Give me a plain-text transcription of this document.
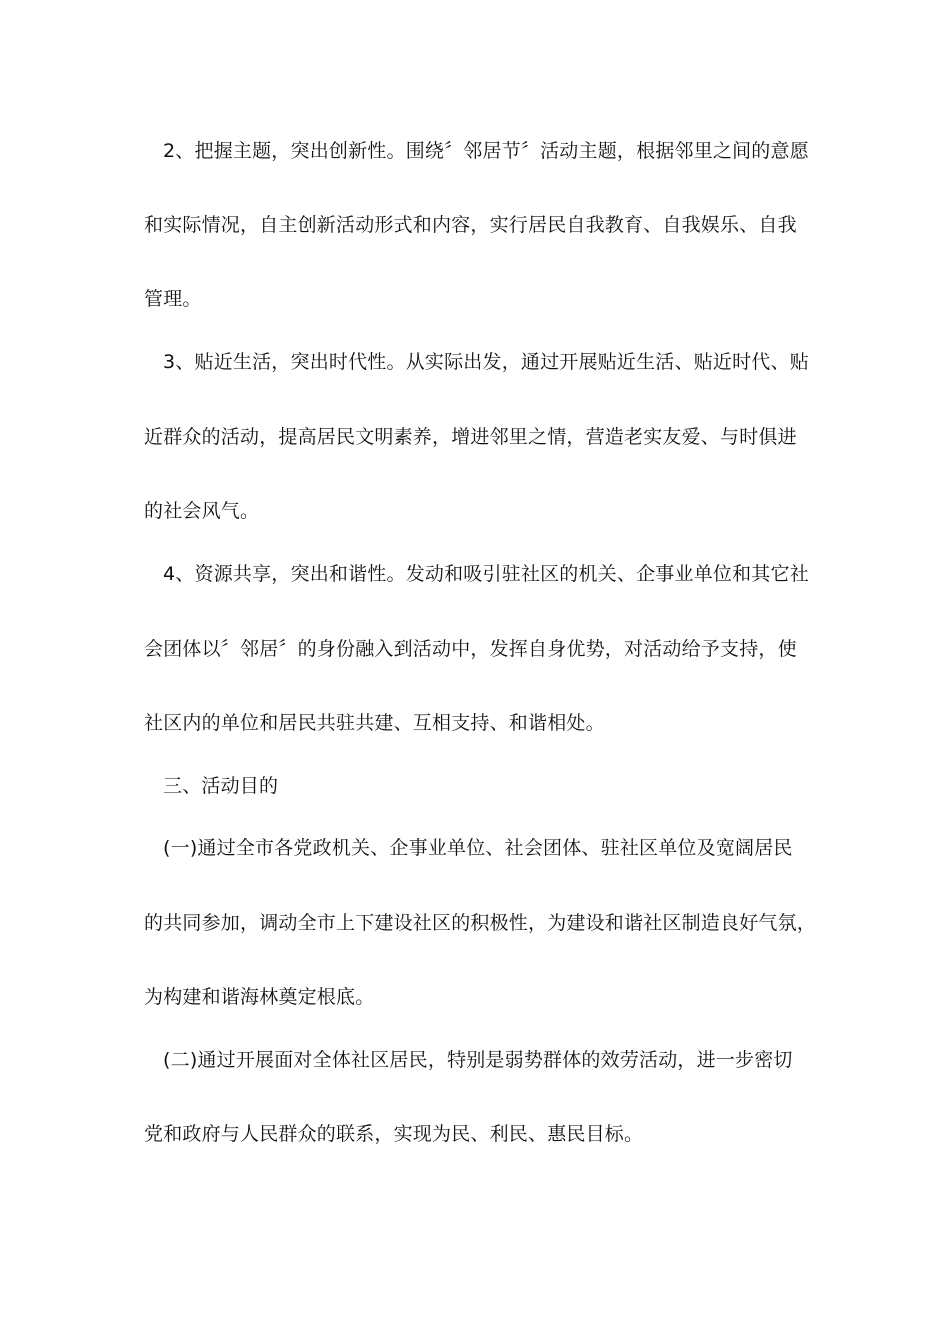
2、把握主题，突出创新性。围绕〞邻居节〞活动主题，根据邻里之间的意愿
和实际情况，自主创新活动形式和内容，实行居民自我教育、自我娱乐、自我
管理。
3、贴近生活，突出时代性。从实际出发，通过开展贴近生活、贴近时代、贴
近群众的活动，提高居民文明素养，增进邻里之情，营造老实友爱、与时俱进
的社会风气。
4、资源共享，突出和谐性。发动和吸引驻社区的机关、企事业单位和其它社
会团体以〞邻居〞的身份融入到活动中，发挥自身优势，对活动给予支持，使
社区内的单位和居民共驻共建、互相支持、和谐相处。
三、活动目的
(一)通过全市各党政机关、企事业单位、社会团体、驻社区单位及宽阔居民
的共同参加，调动全市上下建设社区的积极性，为建设和谐社区制造良好气氛，
为构建和谐海林奠定根底。
(二)通过开展面对全体社区居民，特别是弱势群体的效劳活动，进一步密切
党和政府与人民群众的联系，实现为民、利民、惠民目标。
